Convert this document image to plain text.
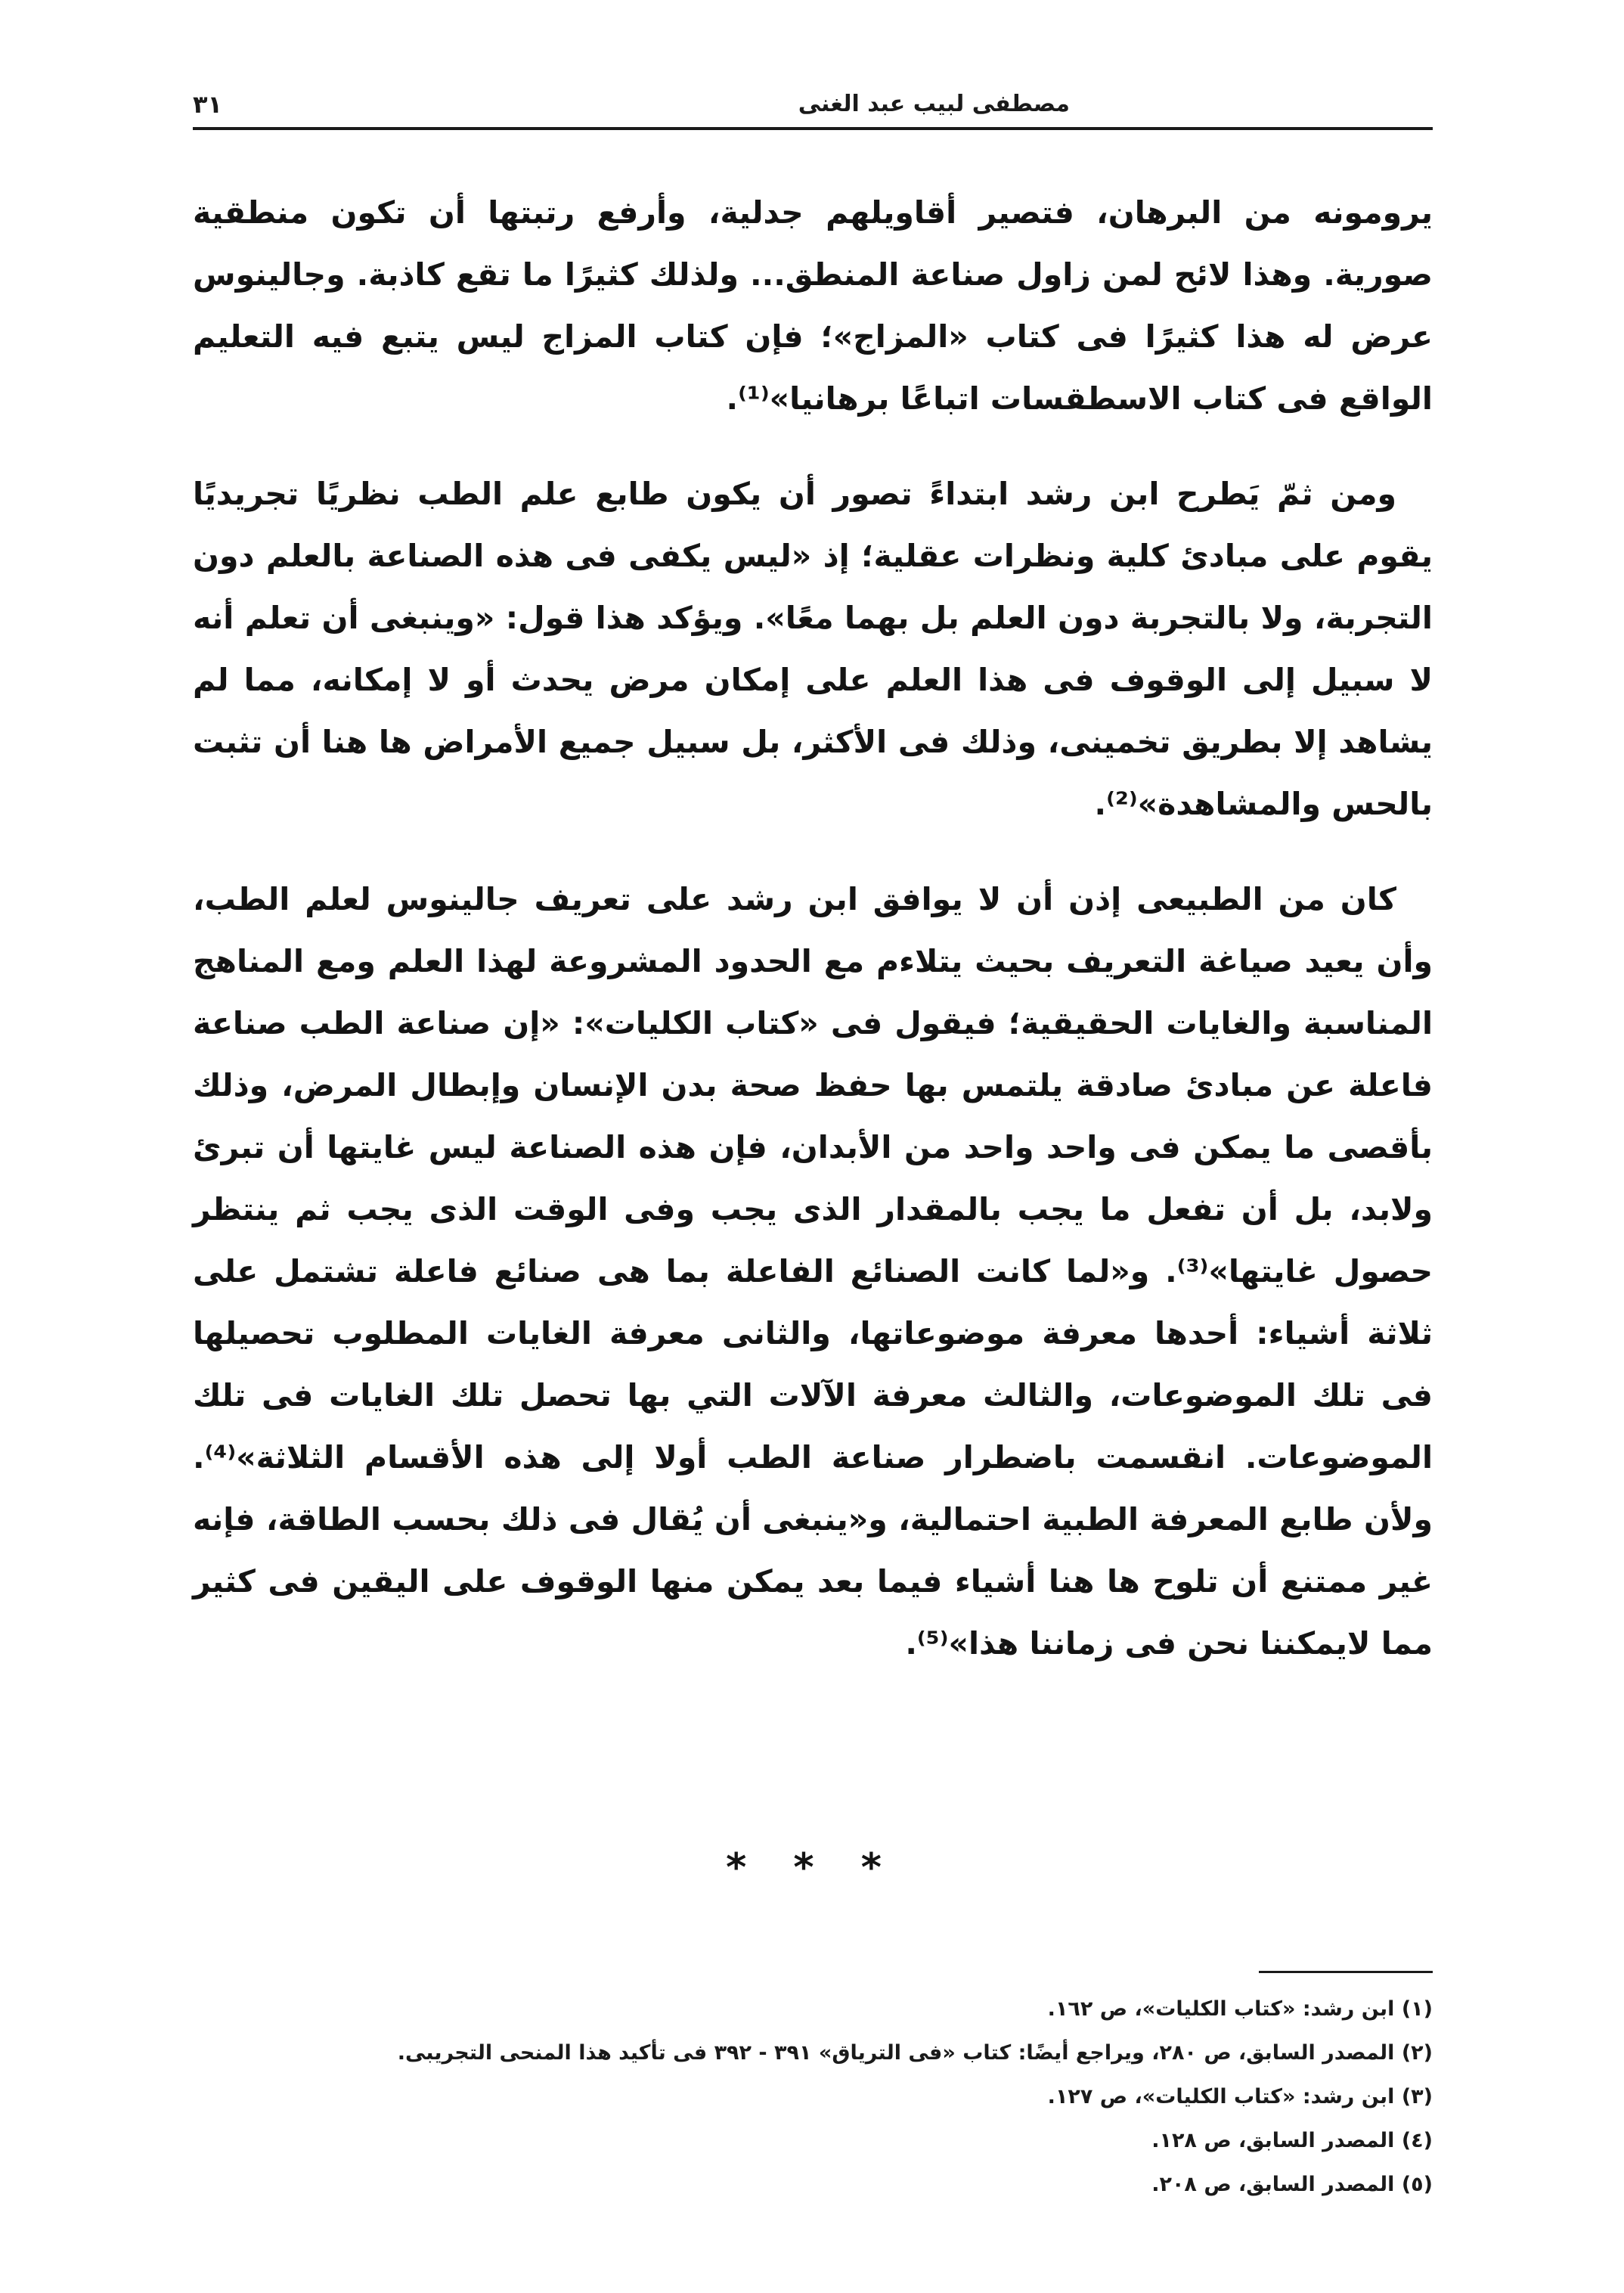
مصطفى لبيب عبد الغنى
٣١

يرومونه من البرهان، فتصير أقاويلهم جدلية، وأرفع رتبتها أن تكون منطقية صورية. وهذا لائح لمن زاول صناعة المنطق... ولذلك كثيرًا ما تقع كاذبة. وجالينوس عرض له هذا كثيرًا فى كتاب «المزاج»؛ فإن كتاب المزاج ليس يتبع فيه التعليم الواقع فى كتاب الاسطقسات اتباعًا برهانيا»⁽¹⁾.

ومن ثمّ يَطرح ابن رشد ابتداءً تصور أن يكون طابع علم الطب نظريًا تجريديًا يقوم على مبادئ كلية ونظرات عقلية؛ إذ «ليس يكفى فى هذه الصناعة بالعلم دون التجربة، ولا بالتجربة دون العلم بل بهما معًا». ويؤكد هذا قول: «وينبغى أن تعلم أنه لا سبيل إلى الوقوف فى هذا العلم على إمكان مرض يحدث أو لا إمكانه، مما لم يشاهد إلا بطريق تخمينى، وذلك فى الأكثر، بل سبيل جميع الأمراض ها هنا أن تثبت بالحس والمشاهدة»⁽²⁾.

كان من الطبيعى إذن أن لا يوافق ابن رشد على تعريف جالينوس لعلم الطب، وأن يعيد صياغة التعريف بحيث يتلاءم مع الحدود المشروعة لهذا العلم ومع المناهج المناسبة والغايات الحقيقية؛ فيقول فى «كتاب الكليات»: «إن صناعة الطب صناعة فاعلة عن مبادئ صادقة يلتمس بها حفظ صحة بدن الإنسان وإبطال المرض، وذلك بأقصى ما يمكن فى واحد واحد من الأبدان، فإن هذه الصناعة ليس غايتها أن تبرئ ولابد، بل أن تفعل ما يجب بالمقدار الذى يجب وفى الوقت الذى يجب ثم ينتظر حصول غايتها»⁽³⁾. و«لما كانت الصنائع الفاعلة بما هى صنائع فاعلة تشتمل على ثلاثة أشياء: أحدها معرفة موضوعاتها، والثانى معرفة الغايات المطلوب تحصيلها فى تلك الموضوعات، والثالث معرفة الآلات التي بها تحصل تلك الغايات فى تلك الموضوعات. انقسمت باضطرار صناعة الطب أولا إلى هذه الأقسام الثلاثة»⁽⁴⁾. ولأن طابع المعرفة الطبية احتمالية، و«ينبغى أن يُقال فى ذلك بحسب الطاقة، فإنه غير ممتنع أن تلوح ها هنا أشياء فيما بعد يمكن منها الوقوف على اليقين فى كثير مما لايمكننا نحن فى زماننا هذا»⁽⁵⁾.

* * *

(١) ابن رشد: «كتاب الكليات»، ص ١٦٢.

(٢) المصدر السابق، ص ٢٨٠، ويراجع أيضًا: كتاب «فى الترياق» ٣٩١ - ٣٩٢ فى تأكيد هذا المنحى التجريبى.

(٣) ابن رشد: «كتاب الكليات»، ص ١٢٧.

(٤) المصدر السابق، ص ١٢٨.

(٥) المصدر السابق، ص ٢٠٨.
